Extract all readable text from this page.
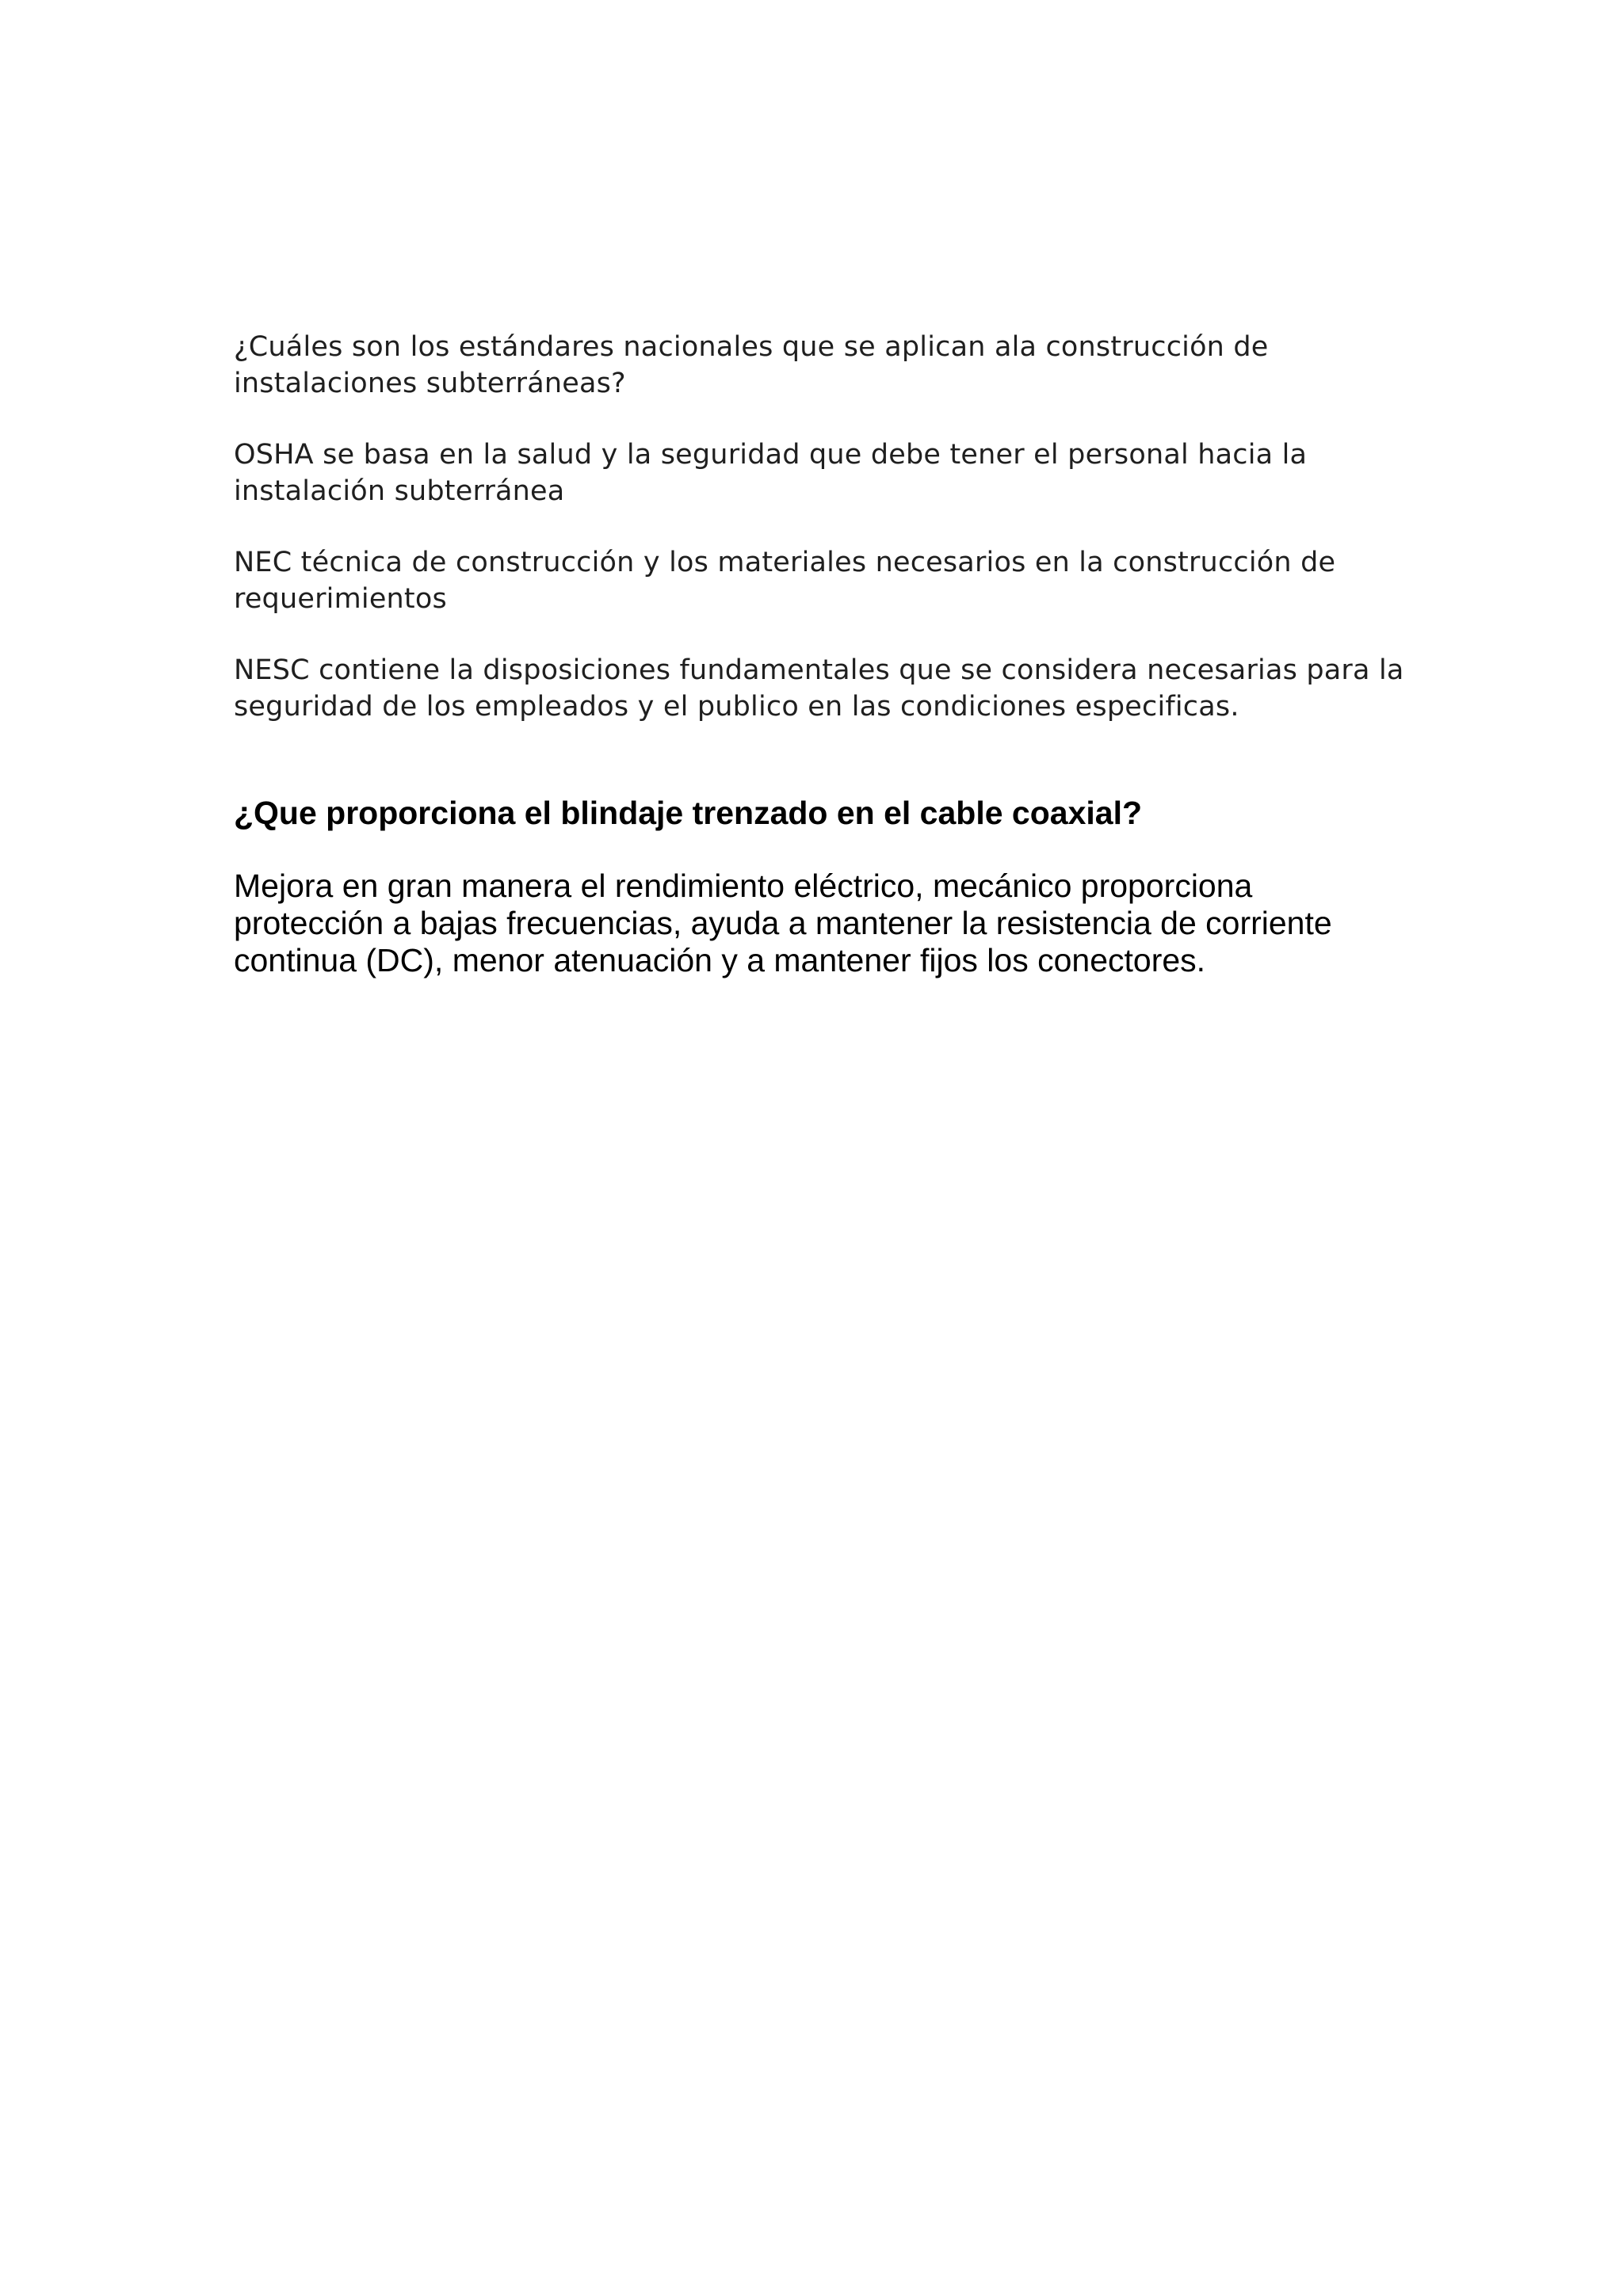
¿Cuáles son los estándares nacionales que se aplican ala construcción de instalaciones subterráneas?

OSHA se basa en la salud y la seguridad que debe tener el personal hacia la instalación subterránea

NEC técnica de construcción y los materiales necesarios en la construcción de requerimientos

NESC contiene la disposiciones fundamentales que se considera necesarias para la seguridad de los empleados y el publico en las condiciones especificas.

¿Que proporciona el blindaje trenzado en el cable coaxial?

Mejora en gran manera el rendimiento eléctrico, mecánico proporciona protección a bajas frecuencias, ayuda a mantener la resistencia de corriente continua (DC), menor atenuación y a mantener fijos los conectores.
